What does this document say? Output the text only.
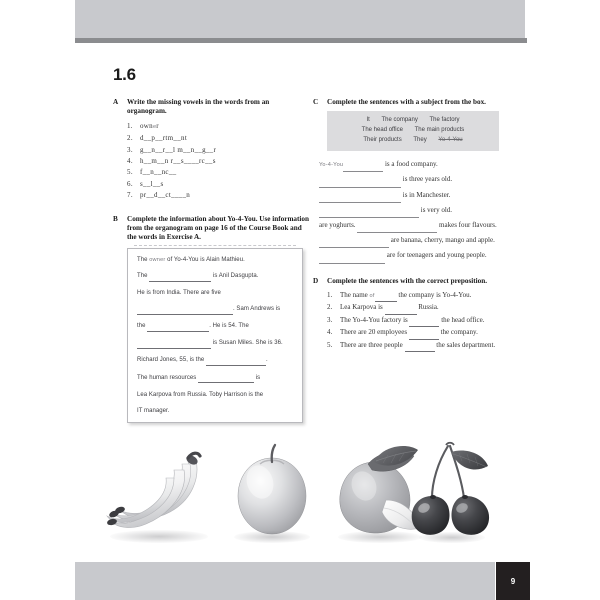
1.6
A	Write the missing vowels in the words from an organogram.
owner
d__p__rtm__nt
g__n__r__l m__n__g__r
h__m__n r__s____rc__s
f__n__nc__
s__l__s
pr__d__ct____n
B	Complete the information about Yo-4-You. Use information from the organogram on page 16 of the Course Book and the words in Exercise A.

The owner of Yo-4-You is Alain Mathieu.

The	is Anil Dasgupta.

He is from India. There are five

. Sam Andrews is

the	. He is 54. The

is Susan Miles. She is 36.

Richard Jones, 55, is the	.

The human resources	is

Lea Karpova from Russia. Toby Harrison is the

IT manager.

C	Complete the sentences with a subject from the box.
It The company The factory
The head office The main products
Their products They Yo-4-You
Yo-4-You	is a food company.
is three years old.
is in Manchester.
is very old.
are yoghurts.	makes four flavours.   are banana, cherry, mango and apple.   are for teenagers and young people.
D	Complete the sentences with the correct preposition.
The name of	the company is Yo-4-You.
Lea Karpova is	Russia.
The Yo-4-You factory is	the head office.
There are 20 employees	the company.
There are three people	the sales department.
9
